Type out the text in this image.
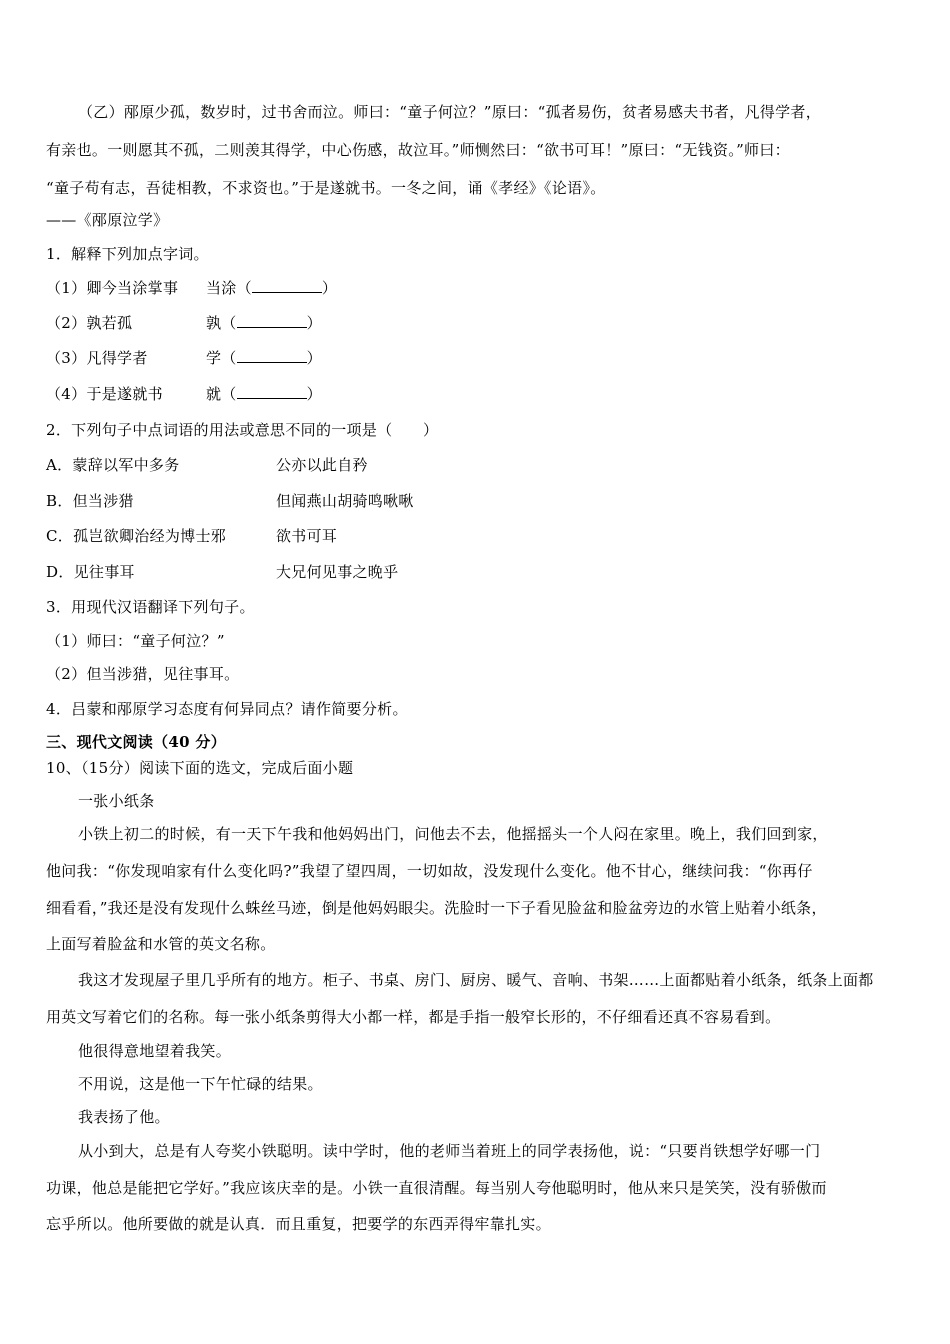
（乙）邴原少孤，数岁时，过书舍而泣。师曰：“童子何泣？”原曰：“孤者易伤，贫者易感夫书者，凡得学者，
有亲也。一则愿其不孤，二则羡其得学，中心伤感，故泣耳。”师恻然曰：“欲书可耳！”原曰：“无钱资。”师曰：
“童子苟有志，吾徒相教，不求资也。”于是遂就书。一冬之间，诵《孝经》《论语》。
——《邴原泣学》
1．解释下列加点字词。
（1）卿今当涂掌事 当涂（	）
（2）孰若孤	孰（	）
（3）凡得学者	学（	）
（4）于是遂就书	就（	）
2．下列句子中点词语的用法或意思不同的一项是（　　）
A．蒙辞以军中多务	公亦以此自矜
B．但当涉猎	但闻燕山胡骑鸣啾啾
C．孤岂欲卿治经为博士邪	欲书可耳
D．见往事耳	大兄何见事之晚乎
3．用现代汉语翻译下列句子。
（1）师曰：“童子何泣？”
（2）但当涉猎，见往事耳。
4．吕蒙和邴原学习态度有何异同点？请作简要分析。
三、现代文阅读（40 分）
10、（15分）阅读下面的选文，完成后面小题
一张小纸条
小铁上初二的时候，有一天下午我和他妈妈出门，问他去不去，他摇摇头一个人闷在家里。晚上，我们回到家，
他问我：“你发现咱家有什么变化吗?”我望了望四周，一切如故，没发现什么变化。他不甘心，继续问我：“你再仔
细看看，”我还是没有发现什么蛛丝马迹，倒是他妈妈眼尖。洗脸时一下子看见脸盆和脸盆旁边的水管上贴着小纸条，
上面写着脸盆和水管的英文名称。
我这才发现屋子里几乎所有的地方。柜子、书桌、房门、厨房、暖气、音响、书架……上面都贴着小纸条，纸条上面都
用英文写着它们的名称。每一张小纸条剪得大小都一样，都是手指一般窄长形的，不仔细看还真不容易看到。
他很得意地望着我笑。
不用说，这是他一下午忙碌的结果。
我表扬了他。
从小到大，总是有人夸奖小铁聪明。读中学时，他的老师当着班上的同学表扬他，说：“只要肖铁想学好哪一门
功课，他总是能把它学好。”我应该庆幸的是。小铁一直很清醒。每当别人夸他聪明时，他从来只是笑笑，没有骄傲而
忘乎所以。他所要做的就是认真．而且重复，把要学的东西弄得牢靠扎实。
